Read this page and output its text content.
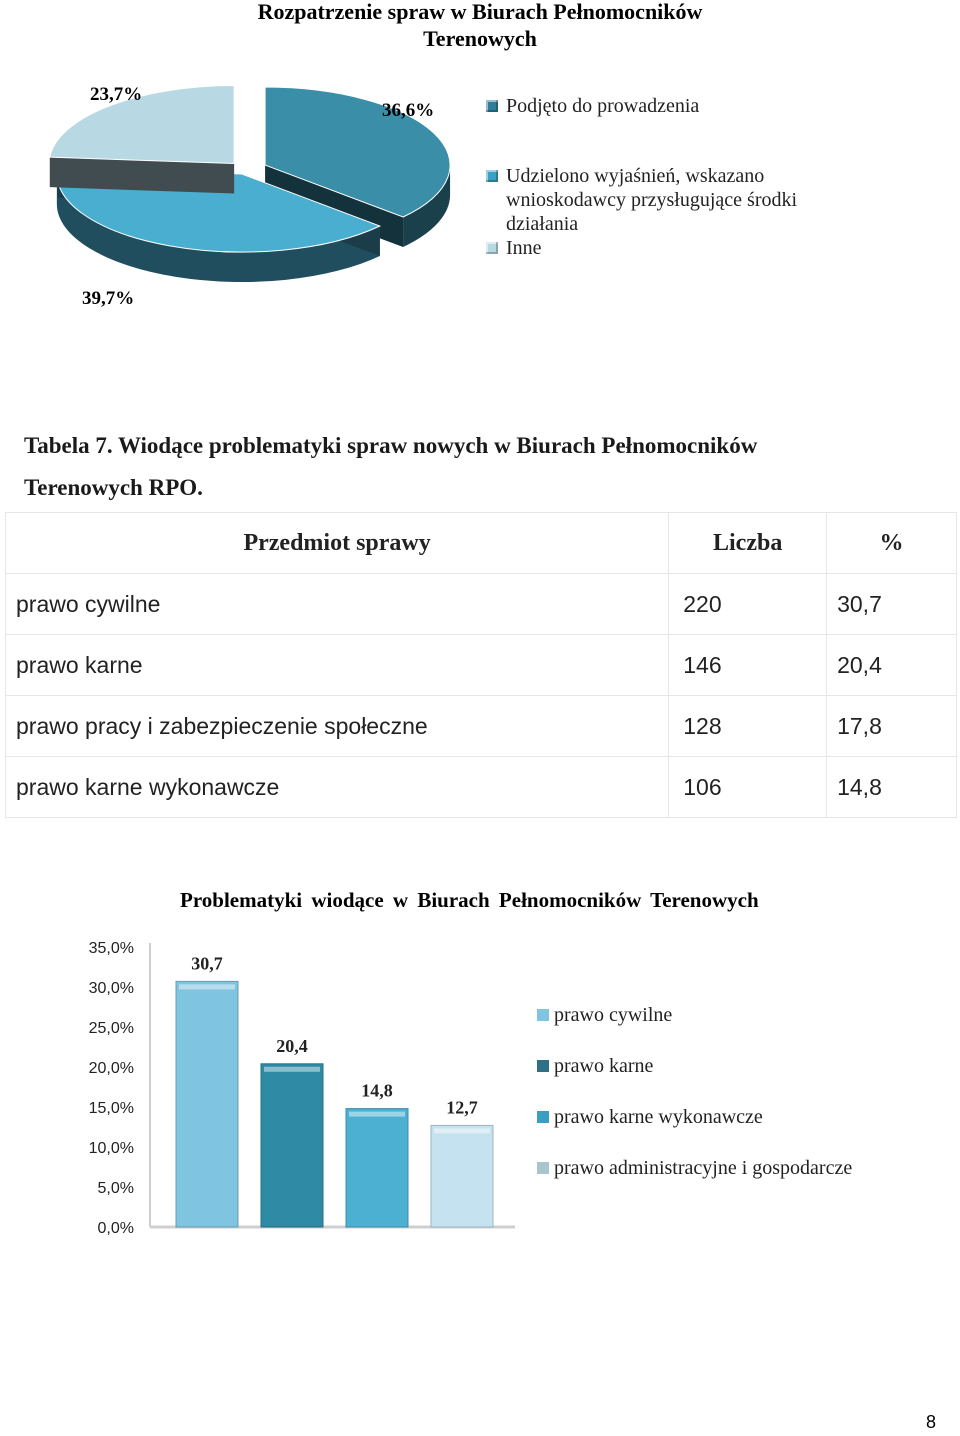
Rozpatrzenie spraw w Biurach Pełnomocników
Terenowych
23,7%
36,6%
39,7%
Podjęto do prowadzenia
Udzielono wyjaśnień, wskazano
wnioskodawcy przysługujące środki
działania
Inne
Tabela 7. Wiodące problematyki spraw nowych w Biurach Pełnomocników
Terenowych RPO.
Przedmiot sprawy	Liczba	%
prawo cywilne	220	30,7
prawo karne	146	20,4
prawo pracy i zabezpieczenie społeczne	128	17,8
prawo karne wykonawcze	106	14,8
Problematyki wiodące w Biurach Pełnomocników Terenowych
0,0%
5,0%
10,0%
15,0%
20,0%
25,0%
30,0%
35,0%
30,7
20,4
14,8
12,7
prawo cywilne
prawo karne
prawo karne wykonawcze
prawo administracyjne i gospodarcze
8
